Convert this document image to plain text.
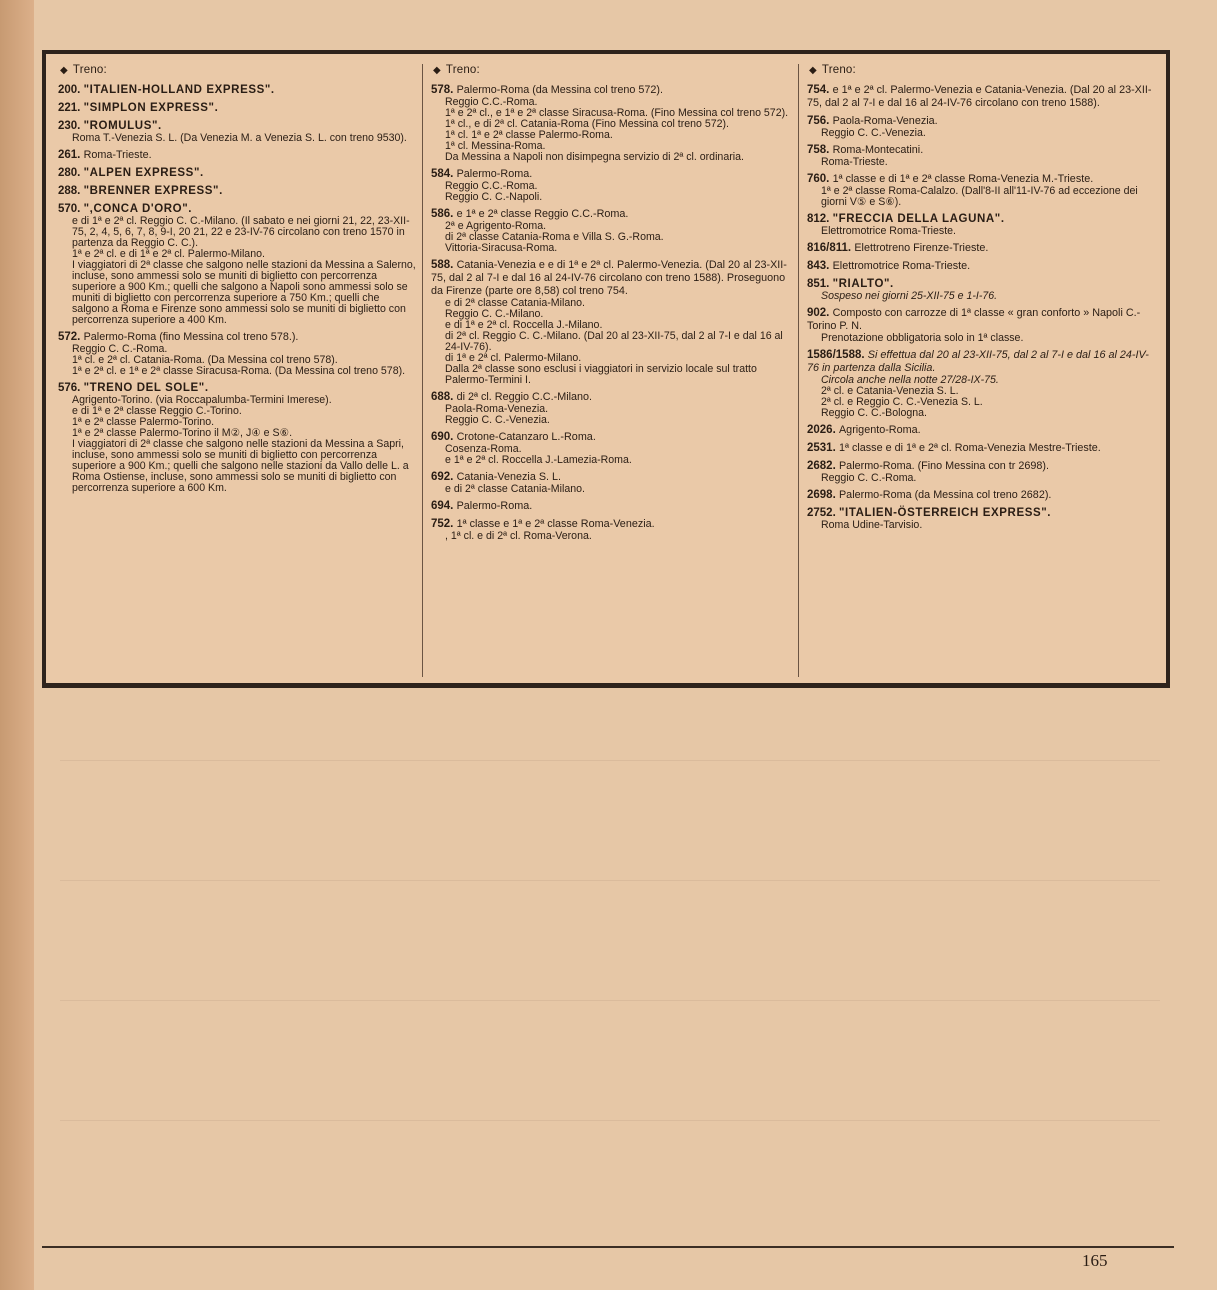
◆ Treno:
200. "ITALIEN-HOLLAND EXPRESS".
221. "SIMPLON EXPRESS".
230. "ROMULUS".
Roma T.-Venezia S. L. (Da Venezia M. a Venezia S. L. con treno 9530).
261. Roma-Trieste.
280. "ALPEN EXPRESS".
288. "BRENNER EXPRESS".
570. ",CONCA D'ORO".
e di 1ª e 2ª cl. Reggio C. C.-Milano. (Il sabato e nei giorni 21, 22, 23-XII-75, 2, 4, 5, 6, 7, 8, 9-I, 20 21, 22 e 23-IV-76 circolano con treno 1570 in partenza da Reggio C. C.).
1ª e 2ª cl. e di 1ª e 2ª cl. Palermo-Milano.
I viaggiatori di 2ª classe che salgono nelle stazioni da Messina a Salerno, incluse, sono ammessi solo se muniti di biglietto con percorrenza superiore a 900 Km.; quelli che salgono a Napoli sono ammessi solo se muniti di biglietto con percorrenza superiore a 750 Km.; quelli che salgono a Roma e Firenze sono ammessi solo se muniti di biglietto con percorrenza superiore a 400 Km.
572. Palermo-Roma (fino Messina col treno 578.).
Reggio C. C.-Roma.
1ª cl. e 2ª cl. Catania-Roma. (Da Messina col treno 578).
1ª e 2ª cl. e 1ª e 2ª classe Siracusa-Roma. (Da Messina col treno 578).
576. "TRENO DEL SOLE".
Agrigento-Torino. (via Roccapalumba-Termini Imerese).
e di 1ª e 2ª classe Reggio C.-Torino.
1ª e 2ª classe Palermo-Torino.
1ª e 2ª classe Palermo-Torino il M②, J④ e S⑥.
I viaggiatori di 2ª classe che salgono nelle stazioni da Messina a Sapri, incluse, sono ammessi solo se muniti di biglietto con percorrenza superiore a 900 Km.; quelli che salgono nelle stazioni da Vallo delle L. a Roma Ostiense, incluse, sono ammessi solo se muniti di biglietto con percorrenza superiore a 600 Km.
◆ Treno:
578. Palermo-Roma (da Messina col treno 572).
Reggio C.C.-Roma.
1ª e 2ª cl., e 1ª e 2ª classe Siracusa-Roma. (Fino Messina col treno 572).
1ª cl., e di 2ª cl. Catania-Roma (Fino Messina col treno 572).
1ª cl. 1ª e 2ª classe Palermo-Roma.
1ª cl. Messina-Roma.
Da Messina a Napoli non disimpegna servizio di 2ª cl. ordinaria.
584. Palermo-Roma.
Reggio C.C.-Roma.
Reggio C. C.-Napoli.
586. e 1ª e 2ª classe Reggio C.C.-Roma.
2ª e Agrigento-Roma.
di 2ª classe Catania-Roma e Villa S. G.-Roma.
Vittoria-Siracusa-Roma.
588. Catania-Venezia e e di 1ª e 2ª cl. Palermo-Venezia. (Dal 20 al 23-XII-75, dal 2 al 7-I e dal 16 al 24-IV-76 circolano con treno 1588). Proseguono da Firenze (parte ore 8,58) col treno 754.
e di 2ª classe Catania-Milano.
Reggio C. C.-Milano.
e di 1ª e 2ª cl. Roccella J.-Milano.
di 2ª cl. Reggio C. C.-Milano. (Dal 20 al 23-XII-75, dal 2 al 7-I e dal 16 al 24-IV-76).
di 1ª e 2ª cl. Palermo-Milano.
Dalla 2ª classe sono esclusi i viaggiatori in servizio locale sul tratto Palermo-Termini I.
688. di 2ª cl. Reggio C.C.-Milano.
Paola-Roma-Venezia.
Reggio C. C.-Venezia.
690. Crotone-Catanzaro L.-Roma.
Cosenza-Roma.
e 1ª e 2ª cl. Roccella J.-Lamezia-Roma.
692. Catania-Venezia S. L.
e di 2ª classe Catania-Milano.
694. Palermo-Roma.
752. 1ª classe e 1ª e 2ª classe Roma-Venezia.
, 1ª cl. e di 2ª cl. Roma-Verona.
◆ Treno:
754. e 1ª e 2ª cl. Palermo-Venezia e Catania-Venezia. (Dal 20 al 23-XII-75, dal 2 al 7-I e dal 16 al 24-IV-76 circolano con treno 1588).
756. Paola-Roma-Venezia.
Reggio C. C.-Venezia.
758. Roma-Montecatini.
Roma-Trieste.
760. 1ª classe e di 1ª e 2ª classe Roma-Venezia M.-Trieste.
1ª e 2ª classe Roma-Calalzo. (Dall'8-II all'11-IV-76 ad eccezione dei giorni V⑤ e S⑥).
812. "FRECCIA DELLA LAGUNA".
Elettromotrice Roma-Trieste.
816/811. Elettrotreno Firenze-Trieste.
843. Elettromotrice Roma-Trieste.
851. "RIALTO".
Sospeso nei giorni 25-XII-75 e 1-I-76.
902. Composto con carrozze di 1ª classe « gran conforto » Napoli C.-Torino P. N.
Prenotazione obbligatoria solo in 1ª classe.
1586/1588. Si effettua dal 20 al 23-XII-75, dal 2 al 7-I e dal 16 al 24-IV-76 in partenza dalla Sicilia.
Circola anche nella notte 27/28-IX-75.
2ª cl. e Catania-Venezia S. L.
2ª cl. e Reggio C. C.-Venezia S. L.
Reggio C. C.-Bologna.
2026. Agrigento-Roma.
2531. 1ª classe e di 1ª e 2ª cl. Roma-Venezia Mestre-Trieste.
2682. Palermo-Roma. (Fino Messina con tr 2698).
Reggio C. C.-Roma.
2698. Palermo-Roma (da Messina col treno 2682).
2752. "ITALIEN-ÖSTERREICH EXPRESS".
Roma Udine-Tarvisio.
165
